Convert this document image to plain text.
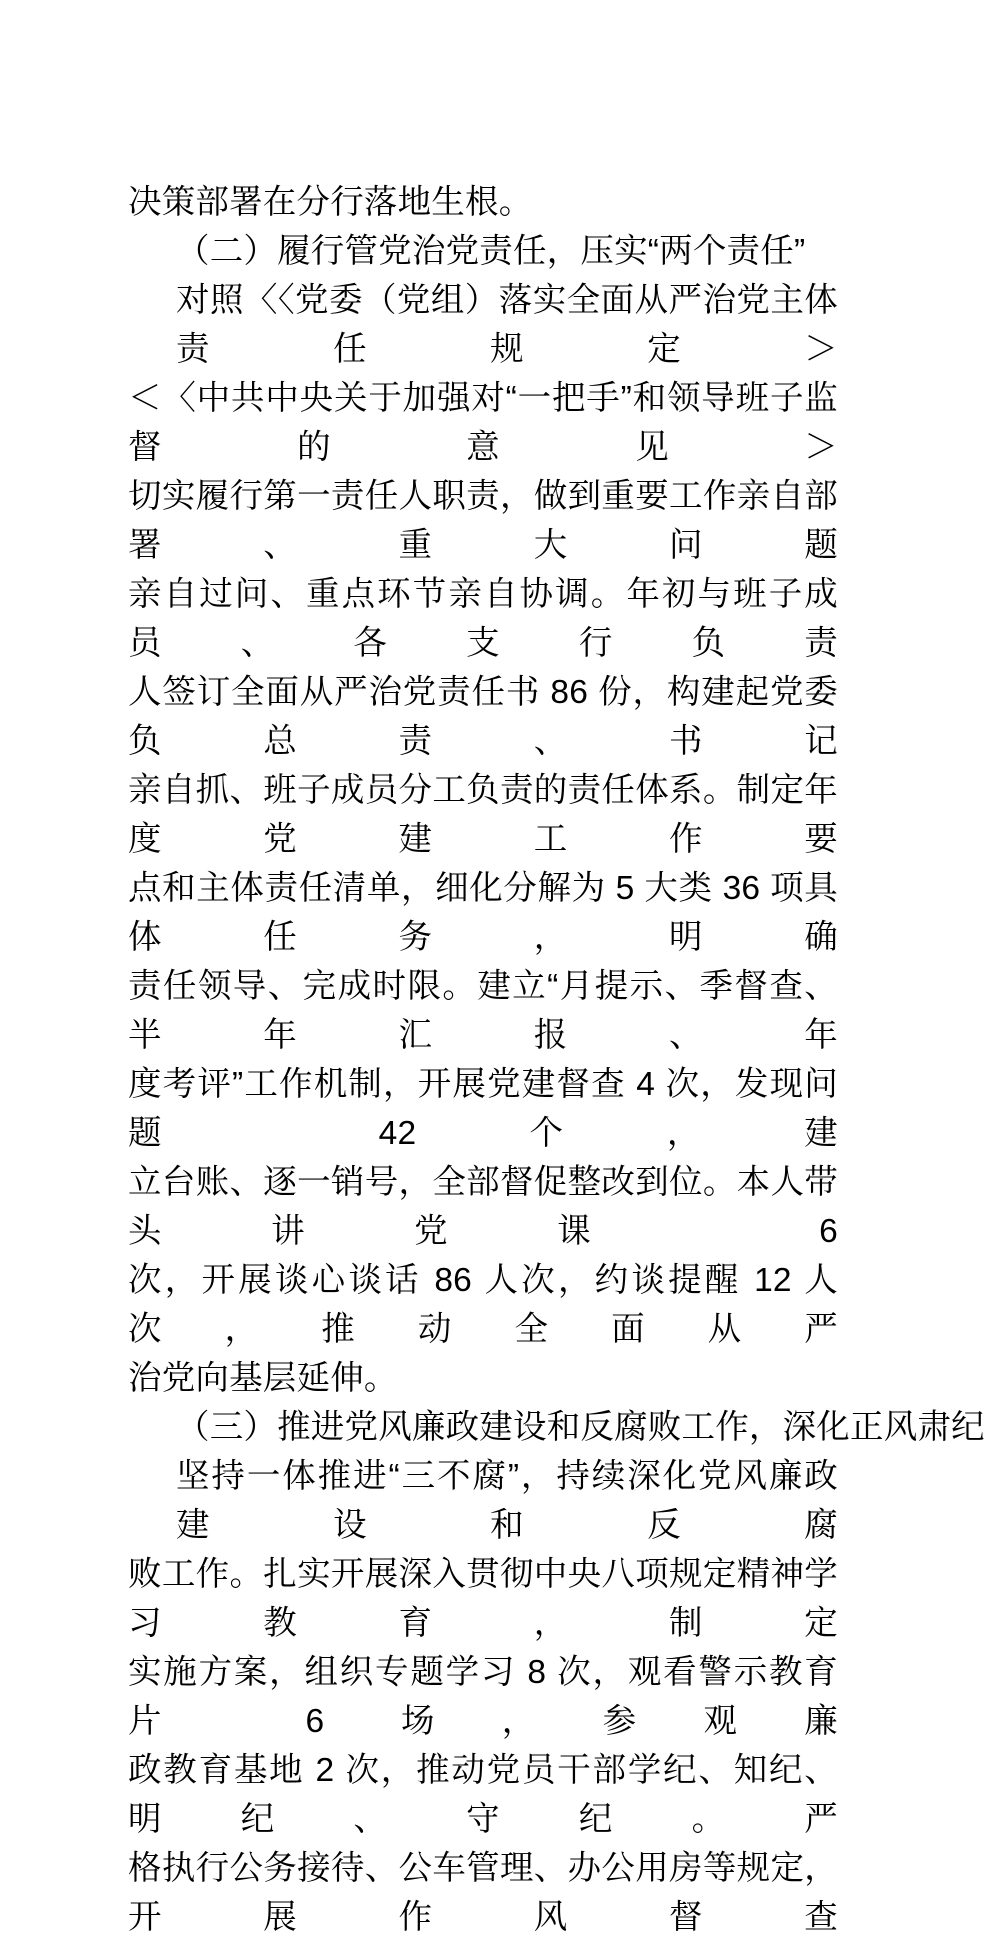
决策部署在分行落地生根。
（二）履行管党治党责任，压实“两个责任”
对照〈〈党委（党组）落实全面从严治党主体责任规定＞
＜〈中共中央关于加强对“一把手”和领导班子监督的意见＞
切实履行第一责任人职责，做到重要工作亲自部署、重大问题
亲自过问、重点环节亲自协调。年初与班子成员、各支行负责
人签订全面从严治党责任书 86 份，构建起党委负总责、书记
亲自抓、班子成员分工负责的责任体系。制定年度党建工作要
点和主体责任清单，细化分解为 5 大类 36 项具体任务，明确
责任领导、完成时限。建立“月提示、季督查、半年汇报、年
度考评”工作机制，开展党建督查 4 次，发现问题 42 个，建
立台账、逐一销号，全部督促整改到位。本人带头讲党课 6
次，开展谈心谈话 86 人次，约谈提醒 12 人次，推动全面从严
治党向基层延伸。
（三）推进党风廉政建设和反腐败工作，深化正风肃纪
坚持一体推进“三不腐”，持续深化党风廉政建设和反腐
败工作。扎实开展深入贯彻中央八项规定精神学习教育，制定
实施方案，组织专题学习 8 次，观看警示教育片 6 场，参观廉
政教育基地 2 次，推动党员干部学纪、知纪、明纪、守纪。严
格执行公务接待、公车管理、办公用房等规定，开展作风督查
